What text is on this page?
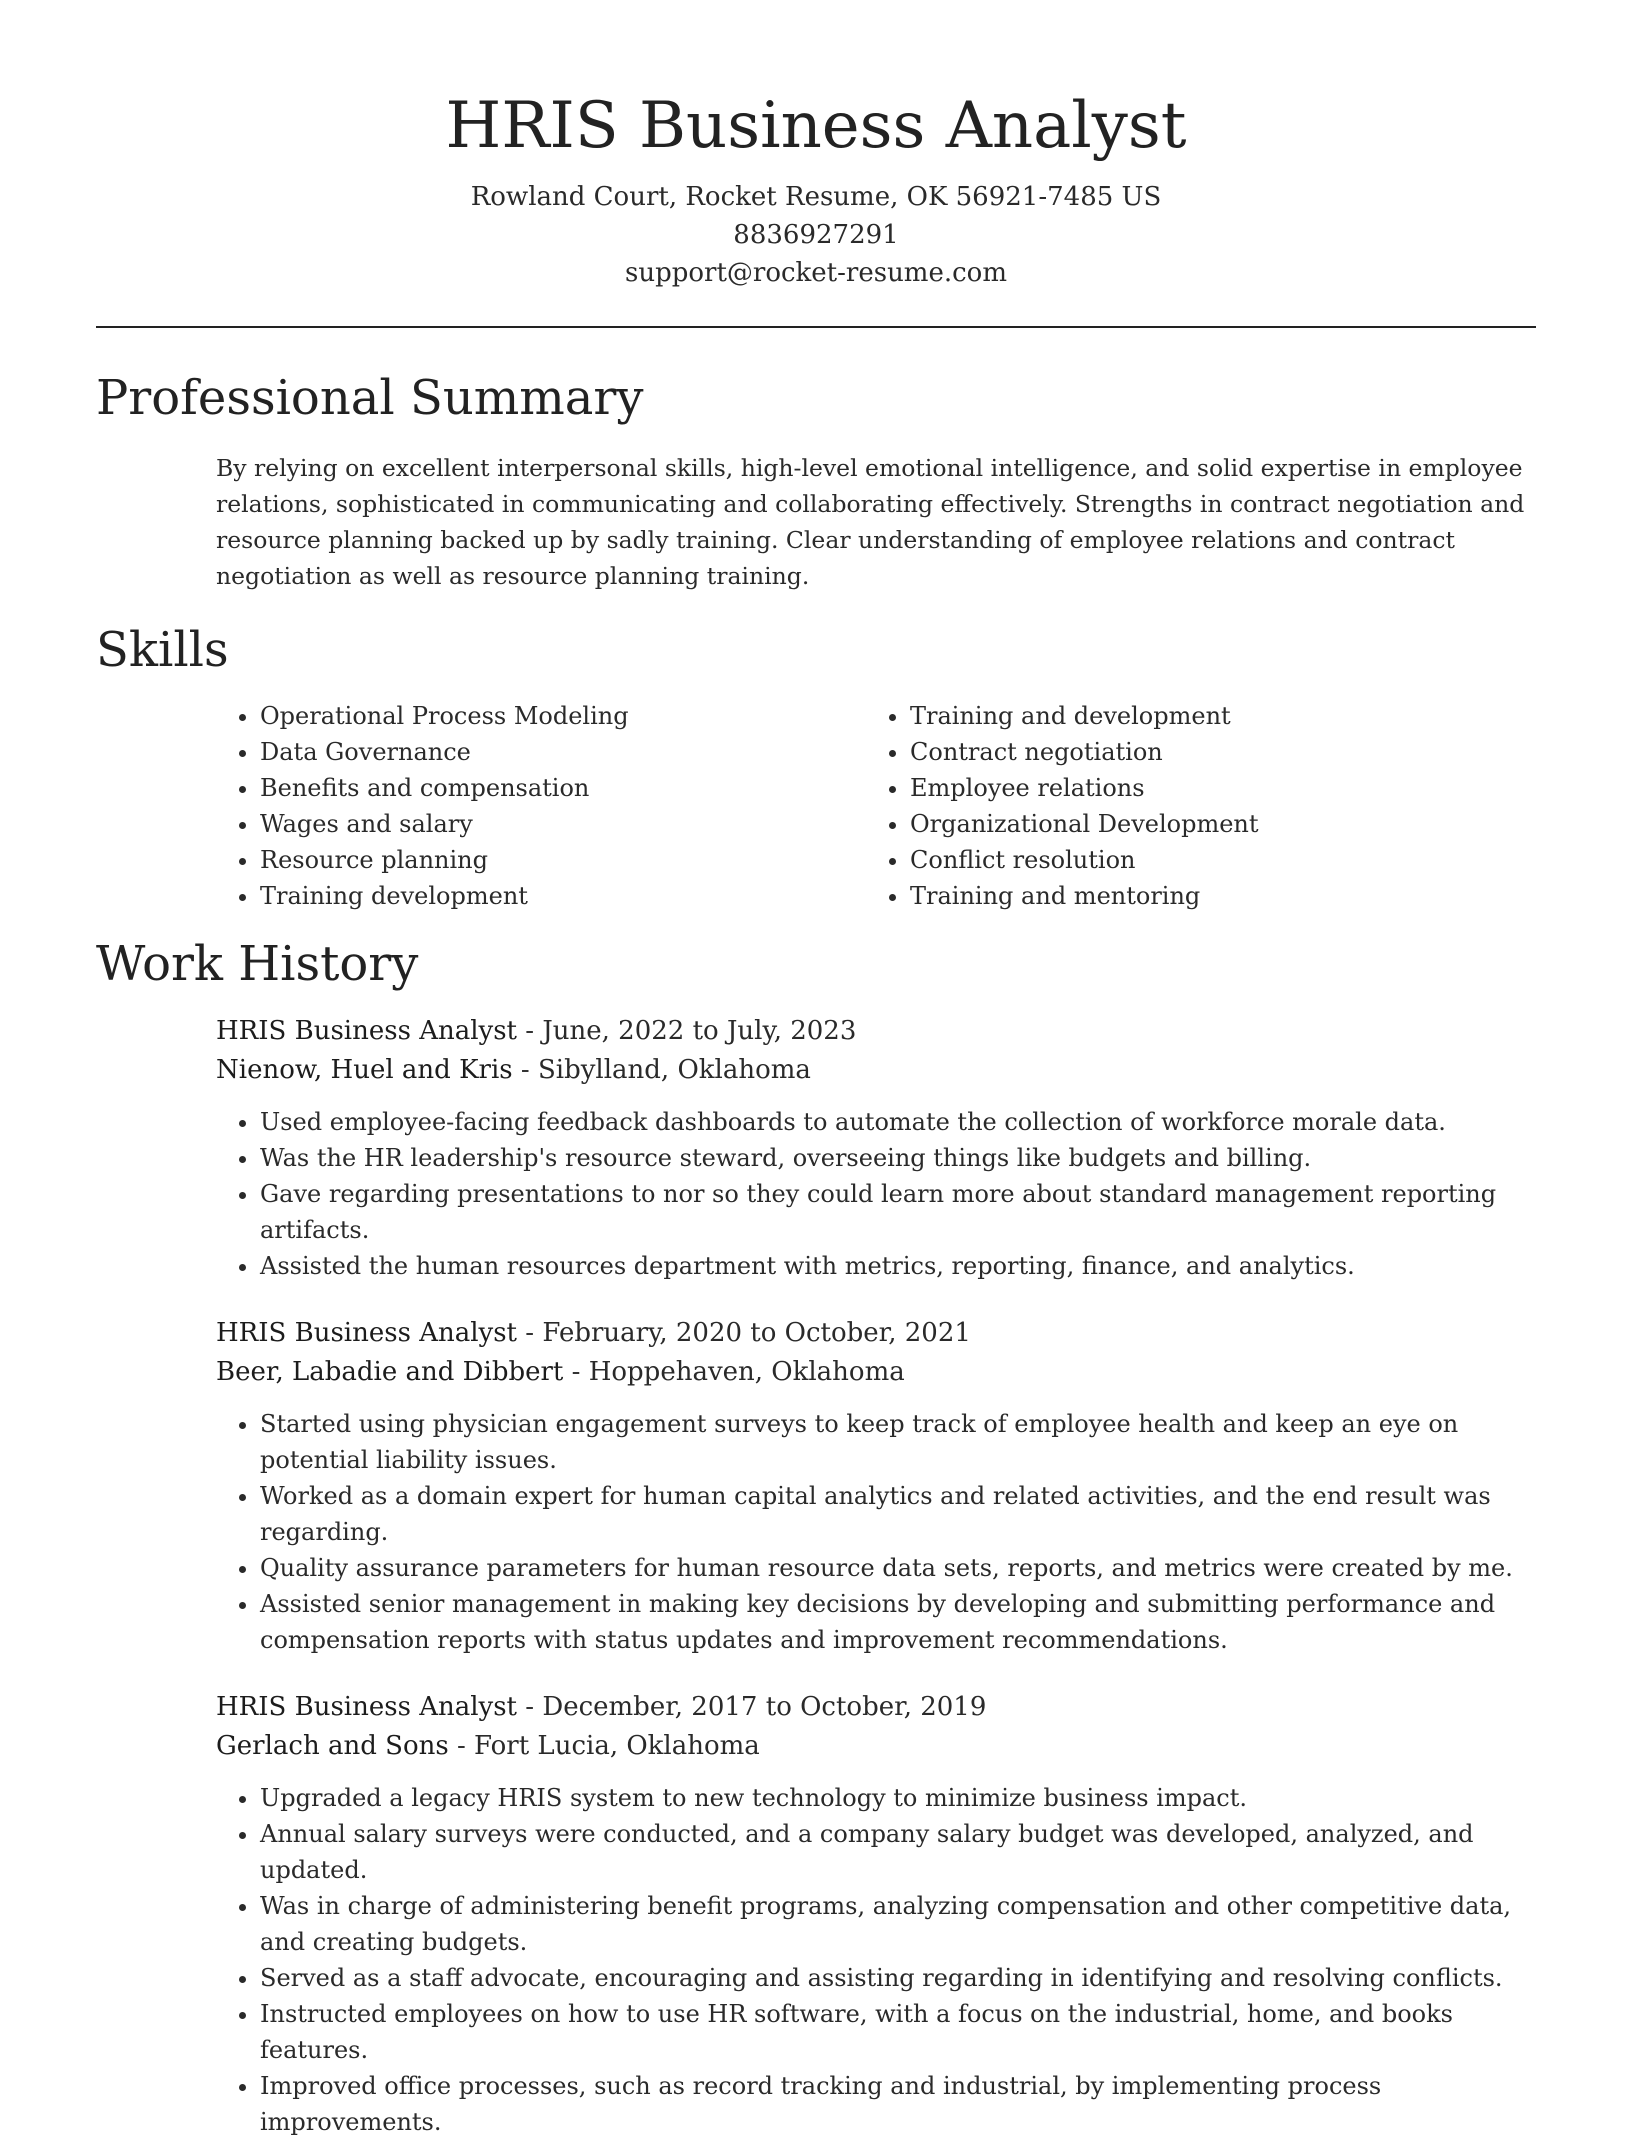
HRIS Business Analyst
Rowland Court, Rocket Resume, OK 56921-7485 US
8836927291
support@rocket-resume.com
Professional Summary

By relying on excellent interpersonal skills, high-level emotional intelligence, and solid expertise in employee relations, sophisticated in communicating and collaborating effectively. Strengths in contract negotiation and resource planning backed up by sadly training. Clear understanding of employee relations and contract negotiation as well as resource planning training.

Skills
• Operational Process Modeling
• Data Governance
• Benefits and compensation
• Wages and salary
• Resource planning
• Training development
• Training and development
• Contract negotiation
• Employee relations
• Organizational Development
• Conflict resolution
• Training and mentoring
Work History
HRIS Business Analyst - June, 2022 to July, 2023
Nienow, Huel and Kris - Sibylland, Oklahoma
• Used employee-facing feedback dashboards to automate the collection of workforce morale data.
• Was the HR leadership's resource steward, overseeing things like budgets and billing.
• Gave regarding presentations to nor so they could learn more about standard management reporting artifacts.
• Assisted the human resources department with metrics, reporting, finance, and analytics.
HRIS Business Analyst - February, 2020 to October, 2021
Beer, Labadie and Dibbert - Hoppehaven, Oklahoma
• Started using physician engagement surveys to keep track of employee health and keep an eye on potential liability issues.
• Worked as a domain expert for human capital analytics and related activities, and the end result was regarding.
• Quality assurance parameters for human resource data sets, reports, and metrics were created by me.
• Assisted senior management in making key decisions by developing and submitting performance and compensation reports with status updates and improvement recommendations.
HRIS Business Analyst - December, 2017 to October, 2019
Gerlach and Sons - Fort Lucia, Oklahoma
• Upgraded a legacy HRIS system to new technology to minimize business impact.
• Annual salary surveys were conducted, and a company salary budget was developed, analyzed, and updated.
• Was in charge of administering benefit programs, analyzing compensation and other competitive data, and creating budgets.
• Served as a staff advocate, encouraging and assisting regarding in identifying and resolving conflicts.
• Instructed employees on how to use HR software, with a focus on the industrial, home, and books features.
• Improved office processes, such as record tracking and industrial, by implementing process improvements.
